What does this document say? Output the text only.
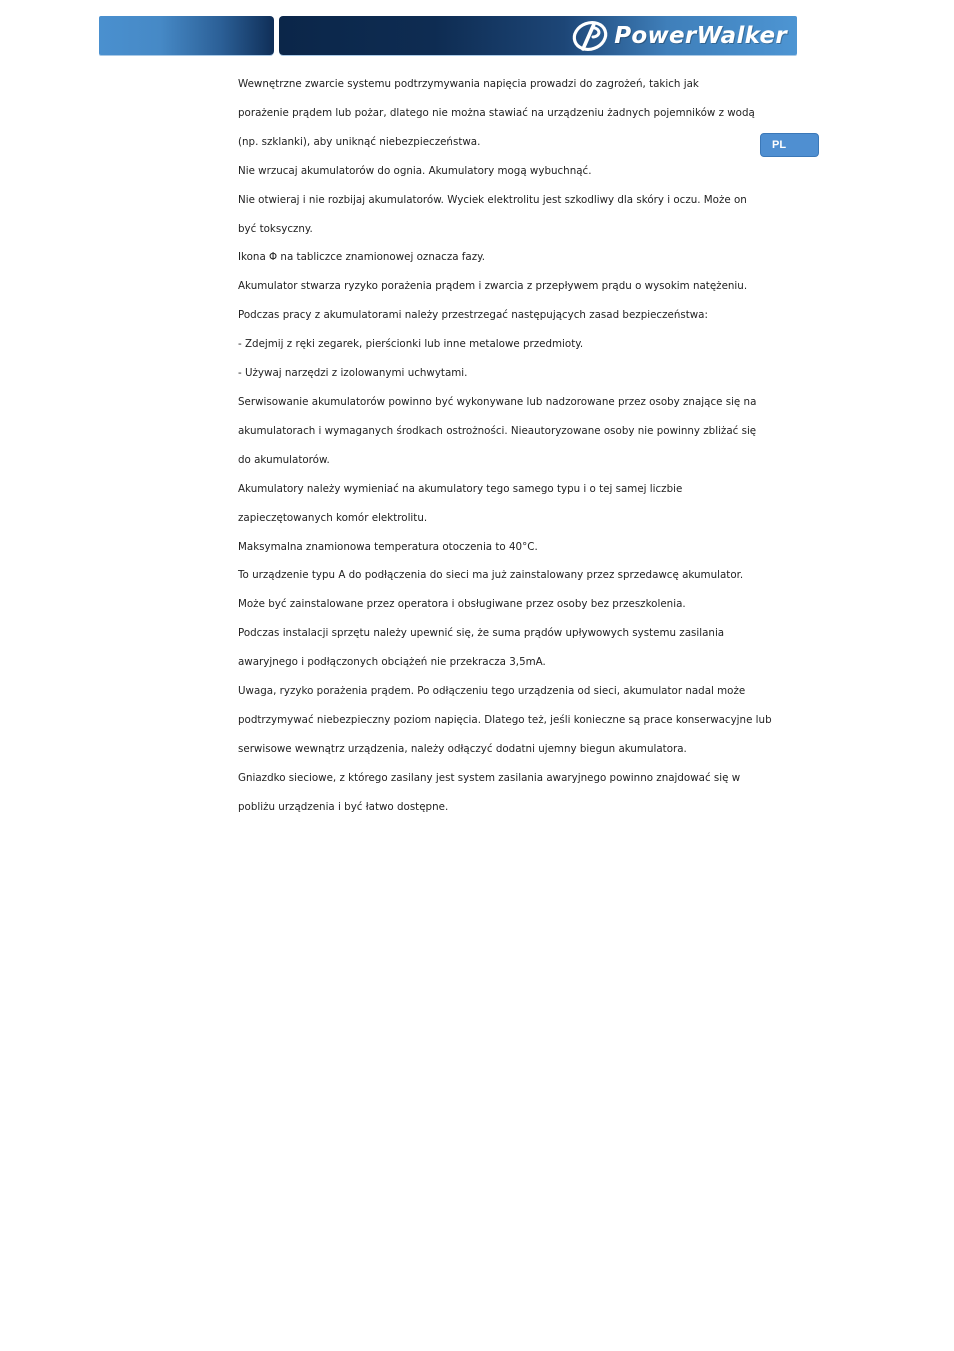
PowerWalker
PL

Wewnętrzne zwarcie systemu podtrzymywania napięcia prowadzi do zagrożeń, takich jak

porażenie prądem lub pożar, dlatego nie można stawiać na urządzeniu żadnych pojemników z wodą

(np. szklanki), aby uniknąć niebezpieczeństwa.

Nie wrzucaj akumulatorów do ognia. Akumulatory mogą wybuchnąć.

Nie otwieraj i nie rozbijaj akumulatorów. Wyciek elektrolitu jest szkodliwy dla skóry i oczu. Może on

być toksyczny.

Ikona Φ na tabliczce znamionowej oznacza fazy.

Akumulator stwarza ryzyko porażenia prądem i zwarcia z przepływem prądu o wysokim natężeniu.

Podczas pracy z akumulatorami należy przestrzegać następujących zasad bezpieczeństwa:

- Zdejmij z ręki zegarek, pierścionki lub inne metalowe przedmioty.

- Używaj narzędzi z izolowanymi uchwytami.

Serwisowanie akumulatorów powinno być wykonywane lub nadzorowane przez osoby znające się na

akumulatorach i wymaganych środkach ostrożności. Nieautoryzowane osoby nie powinny zbliżać się

do akumulatorów.

Akumulatory należy wymieniać na akumulatory tego samego typu i o tej samej liczbie

zapieczętowanych komór elektrolitu.

Maksymalna znamionowa temperatura otoczenia to 40°C.

To urządzenie typu A do podłączenia do sieci ma już zainstalowany przez sprzedawcę akumulator.

Może być zainstalowane przez operatora i obsługiwane przez osoby bez przeszkolenia.

Podczas instalacji sprzętu należy upewnić się, że suma prądów upływowych systemu zasilania

awaryjnego i podłączonych obciążeń nie przekracza 3,5mA.

Uwaga, ryzyko porażenia prądem. Po odłączeniu tego urządzenia od sieci, akumulator nadal może

podtrzymywać niebezpieczny poziom napięcia. Dlatego też, jeśli konieczne są prace konserwacyjne lub

serwisowe wewnątrz urządzenia, należy odłączyć dodatni ujemny biegun akumulatora.

Gniazdko sieciowe, z którego zasilany jest system zasilania awaryjnego powinno znajdować się w

pobliżu urządzenia i być łatwo dostępne.
